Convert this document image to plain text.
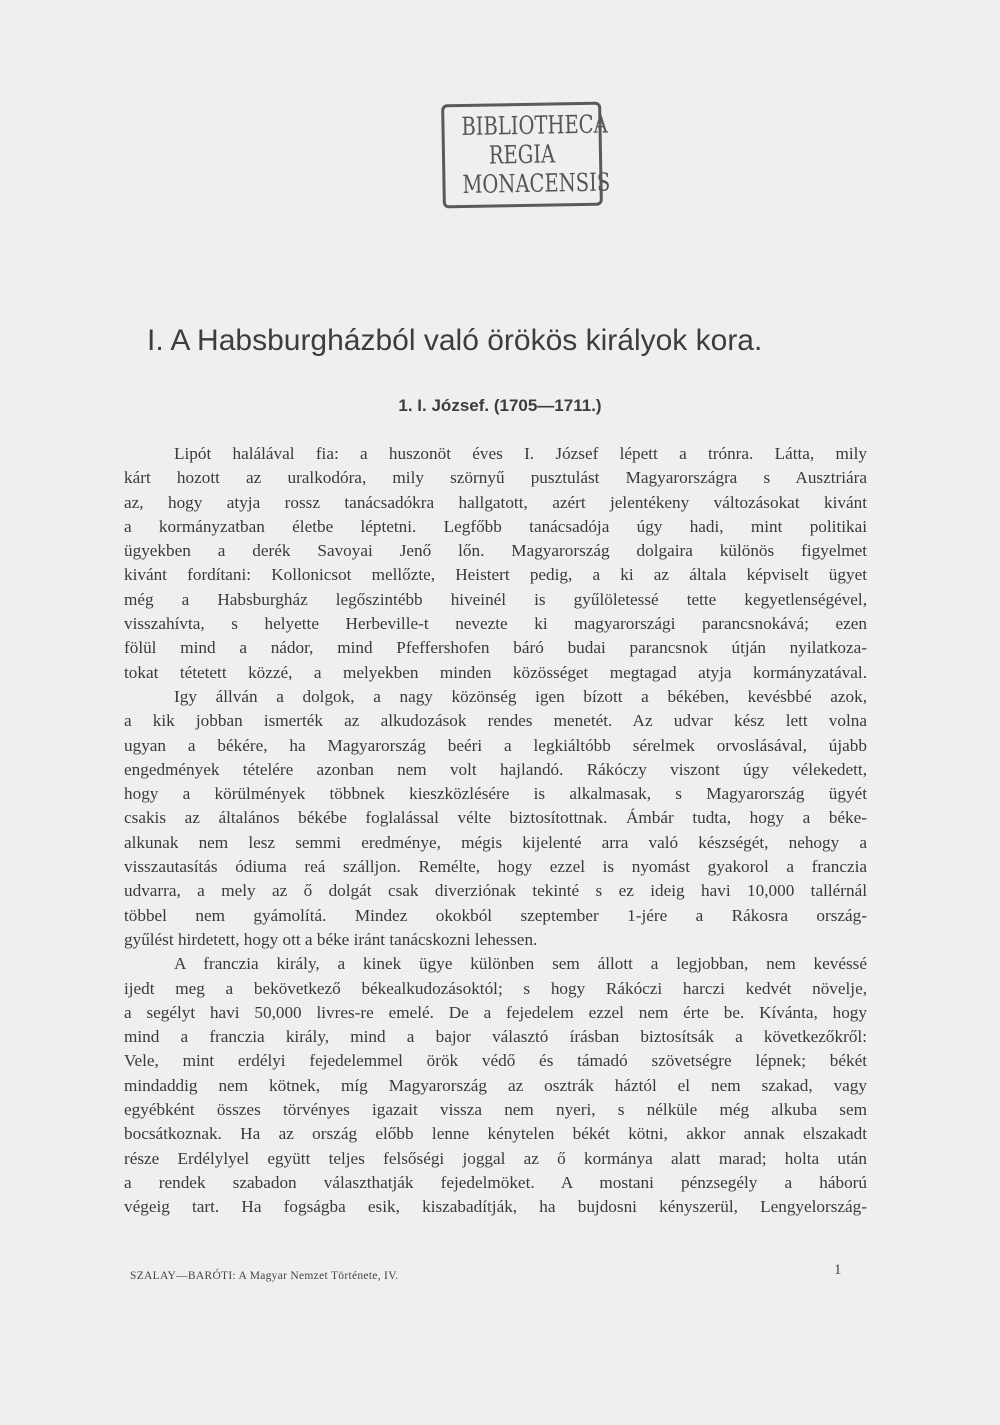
BIBLIOTHECA
REGIA
MONACENSIS
I. A Habsburgházból való örökös királyok kora.
1. I. József. (1705—1711.)
Lipót halálával fia: a huszonöt éves I. József lépett a trónra. Látta, mily
kárt hozott az uralkodóra, mily szörnyű pusztulást Magyarországra s Ausztriára
az, hogy atyja rossz tanácsadókra hallgatott, azért jelentékeny változásokat kivánt
a kormányzatban életbe léptetni. Legfőbb tanácsadója úgy hadi, mint politikai
ügyekben a derék Savoyai Jenő lőn. Magyarország dolgaira különös figyelmet
kivánt fordítani: Kollonicsot mellőzte, Heistert pedig, a ki az általa képviselt ügyet
még a Habsburgház legőszintébb hiveinél is gyűlöletessé tette kegyetlenségével,
visszahívta, s helyette Herbeville-t nevezte ki magyarországi parancsnokává; ezen
fölül mind a nádor, mind Pfeffershofen báró budai parancsnok útján nyilatkoza-
tokat tétetett közzé, a melyekben minden közösséget megtagad atyja kormányzatával.
Igy állván a dolgok, a nagy közönség igen bízott a békében, kevésbbé azok,
a kik jobban ismerték az alkudozások rendes menetét. Az udvar kész lett volna
ugyan a békére, ha Magyarország beéri a legkiáltóbb sérelmek orvoslásával, újabb
engedmények tételére azonban nem volt hajlandó. Rákóczy viszont úgy vélekedett,
hogy a körülmények többnek kieszközlésére is alkalmasak, s Magyarország ügyét
csakis az általános békébe foglalással vélte biztosítottnak. Ámbár tudta, hogy a béke-
alkunak nem lesz semmi eredménye, mégis kijelenté arra való készségét, nehogy a
visszautasítás ódiuma reá szálljon. Remélte, hogy ezzel is nyomást gyakorol a franczia
udvarra, a mely az ő dolgát csak diverziónak tekinté s ez ideig havi 10,000 tallérnál
többel nem gyámolítá. Mindez okokból szeptember 1-jére a Rákosra ország-
gyűlést hirdetett, hogy ott a béke iránt tanácskozni lehessen.
A franczia király, a kinek ügye különben sem állott a legjobban, nem kevéssé
ijedt meg a bekövetkező békealkudozásoktól; s hogy Rákóczi harczi kedvét növelje,
a segélyt havi 50,000 livres-re emelé. De a fejedelem ezzel nem érte be. Kívánta, hogy
mind a franczia király, mind a bajor választó írásban biztosítsák a következőkről:
Vele, mint erdélyi fejedelemmel örök védő és támadó szövetségre lépnek; békét
mindaddig nem kötnek, míg Magyarország az osztrák háztól el nem szakad, vagy
egyébként összes törvényes igazait vissza nem nyeri, s nélküle még alkuba sem
bocsátkoznak. Ha az ország előbb lenne kénytelen békét kötni, akkor annak elszakadt
része Erdélylyel együtt teljes felsőségi joggal az ő kormánya alatt marad; holta után
a rendek szabadon választhatják fejedelmöket. A mostani pénzsegély a háború
végeig tart. Ha fogságba esik, kiszabadítják, ha bujdosni kényszerül, Lengyelország-
SZALAY—BARÓTI: A Magyar Nemzet Története, IV.	1
